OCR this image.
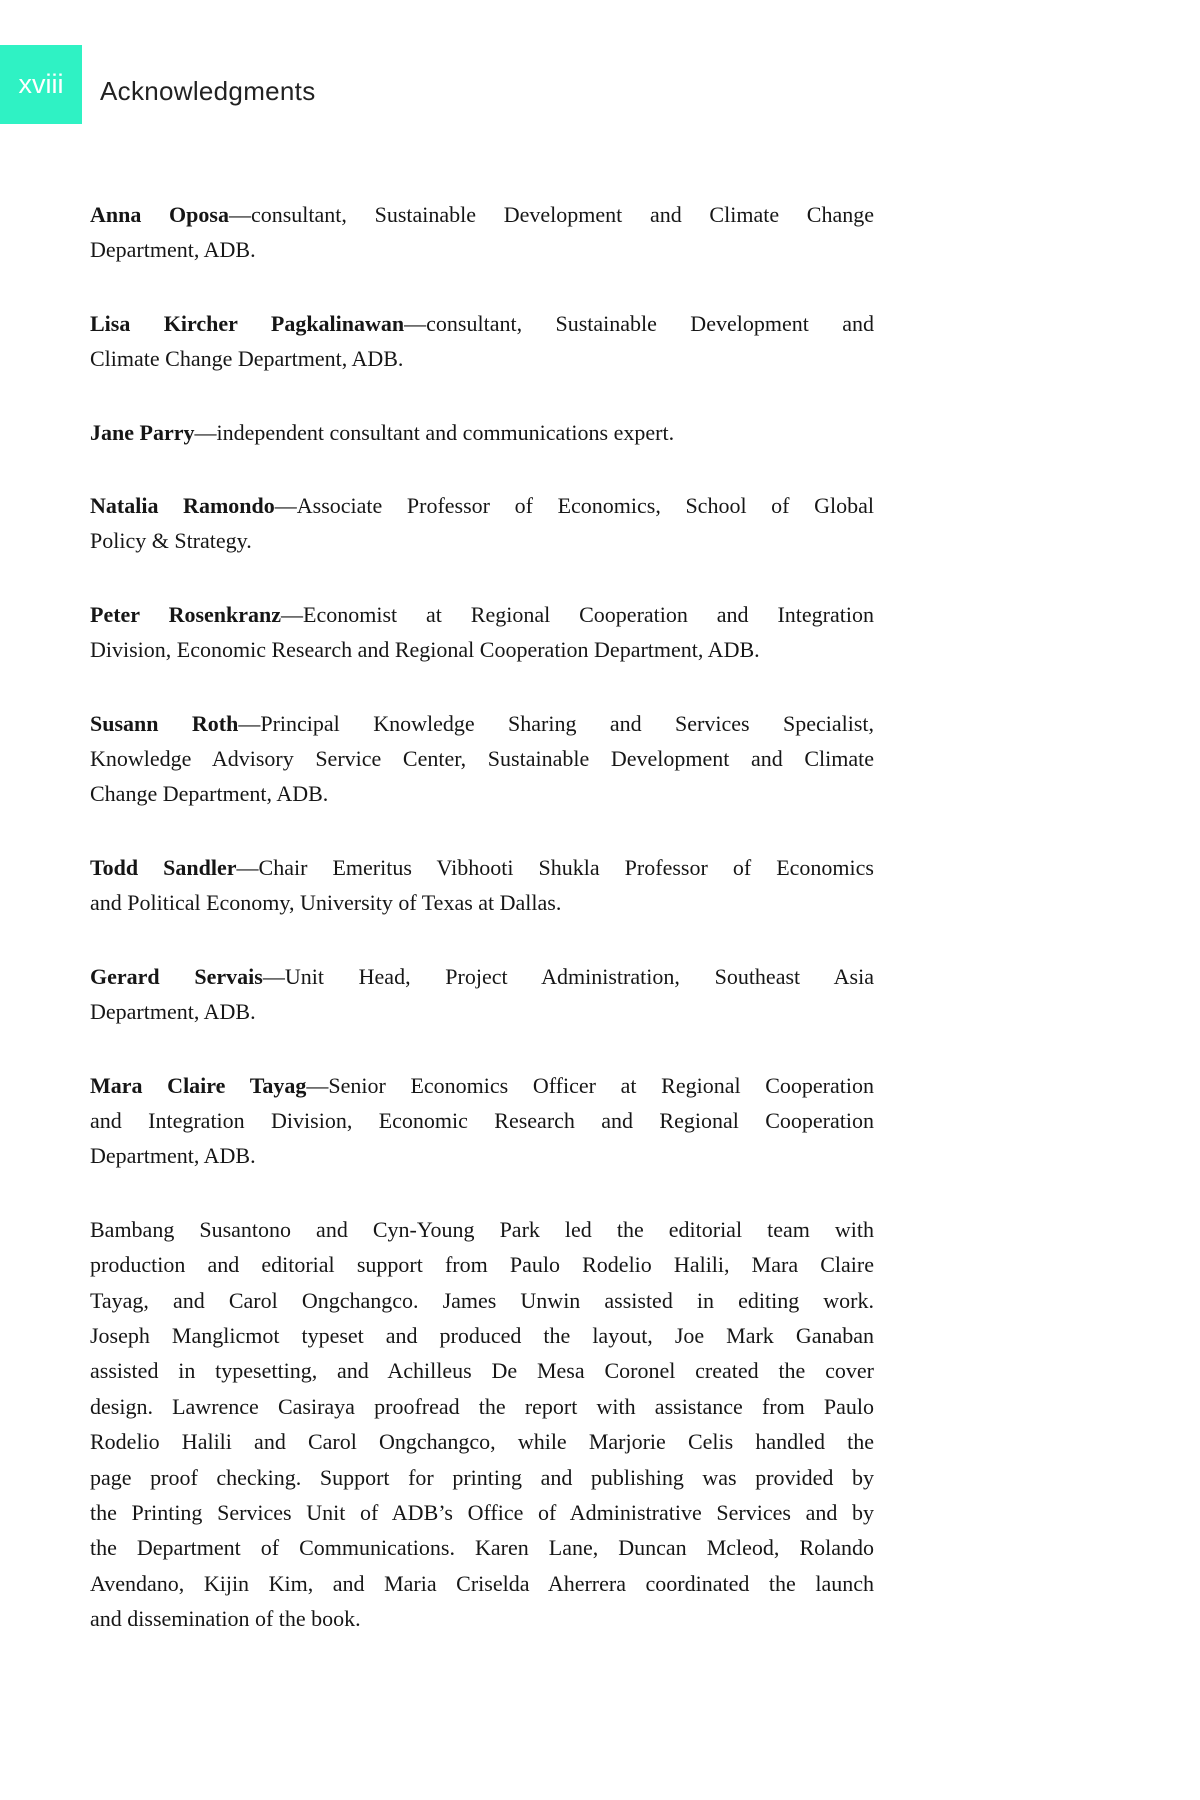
xviii Acknowledgments
Anna Oposa—consultant, Sustainable Development and Climate Change
Department, ADB.
Lisa Kircher Pagkalinawan—consultant, Sustainable Development and
Climate Change Department, ADB.
Jane Parry—independent consultant and communications expert.
Natalia Ramondo—Associate Professor of Economics, School of Global
Policy & Strategy.
Peter Rosenkranz—Economist at Regional Cooperation and Integration
Division, Economic Research and Regional Cooperation Department, ADB.
Susann Roth—Principal Knowledge Sharing and Services Specialist,
Knowledge Advisory Service Center, Sustainable Development and Climate
Change Department, ADB.
Todd Sandler—Chair Emeritus Vibhooti Shukla Professor of Economics
and Political Economy, University of Texas at Dallas.
Gerard Servais—Unit Head, Project Administration, Southeast Asia
Department, ADB.
Mara Claire Tayag—Senior Economics Officer at Regional Cooperation
and Integration Division, Economic Research and Regional Cooperation
Department, ADB.
Bambang Susantono and Cyn-Young Park led the editorial team with
production and editorial support from Paulo Rodelio Halili, Mara Claire
Tayag, and Carol Ongchangco. James Unwin assisted in editing work.
Joseph Manglicmot typeset and produced the layout, Joe Mark Ganaban
assisted in typesetting, and Achilleus De Mesa Coronel created the cover
design. Lawrence Casiraya proofread the report with assistance from Paulo
Rodelio Halili and Carol Ongchangco, while Marjorie Celis handled the
page proof checking. Support for printing and publishing was provided by
the Printing Services Unit of ADB’s Office of Administrative Services and by
the Department of Communications. Karen Lane, Duncan Mcleod, Rolando
Avendano, Kijin Kim, and Maria Criselda Aherrera coordinated the launch
and dissemination of the book.
